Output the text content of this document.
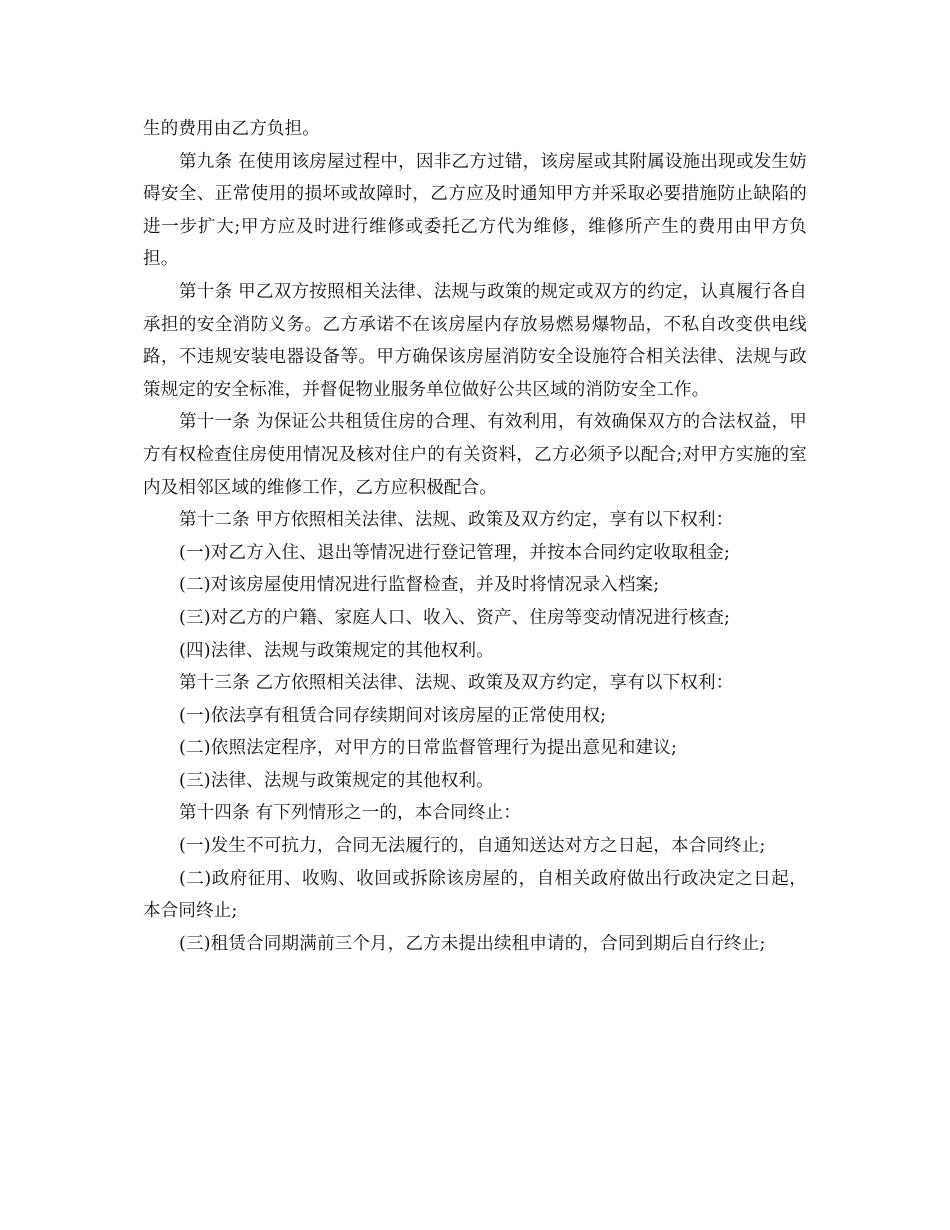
生的费用由乙方负担。

第九条 在使用该房屋过程中，因非乙方过错，该房屋或其附属设施出现或发生妨碍安全、正常使用的损坏或故障时，乙方应及时通知甲方并采取必要措施防止缺陷的进一步扩大;甲方应及时进行维修或委托乙方代为维修，维修所产生的费用由甲方负担。

第十条 甲乙双方按照相关法律、法规与政策的规定或双方的约定，认真履行各自承担的安全消防义务。乙方承诺不在该房屋内存放易燃易爆物品，不私自改变供电线路，不违规安装电器设备等。甲方确保该房屋消防安全设施符合相关法律、法规与政策规定的安全标准，并督促物业服务单位做好公共区域的消防安全工作。

第十一条 为保证公共租赁住房的合理、有效利用，有效确保双方的合法权益，甲方有权检查住房使用情况及核对住户的有关资料，乙方必须予以配合;对甲方实施的室内及相邻区域的维修工作，乙方应积极配合。

第十二条 甲方依照相关法律、法规、政策及双方约定，享有以下权利：

(一)对乙方入住、退出等情况进行登记管理，并按本合同约定收取租金;

(二)对该房屋使用情况进行监督检查，并及时将情况录入档案;

(三)对乙方的户籍、家庭人口、收入、资产、住房等变动情况进行核查;

(四)法律、法规与政策规定的其他权利。

第十三条 乙方依照相关法律、法规、政策及双方约定，享有以下权利：

(一)依法享有租赁合同存续期间对该房屋的正常使用权;

(二)依照法定程序，对甲方的日常监督管理行为提出意见和建议;

(三)法律、法规与政策规定的其他权利。

第十四条 有下列情形之一的，本合同终止：

(一)发生不可抗力，合同无法履行的，自通知送达对方之日起，本合同终止;

(二)政府征用、收购、收回或拆除该房屋的，自相关政府做出行政决定之日起，本合同终止;

(三)租赁合同期满前三个月，乙方未提出续租申请的，合同到期后自行终止;
